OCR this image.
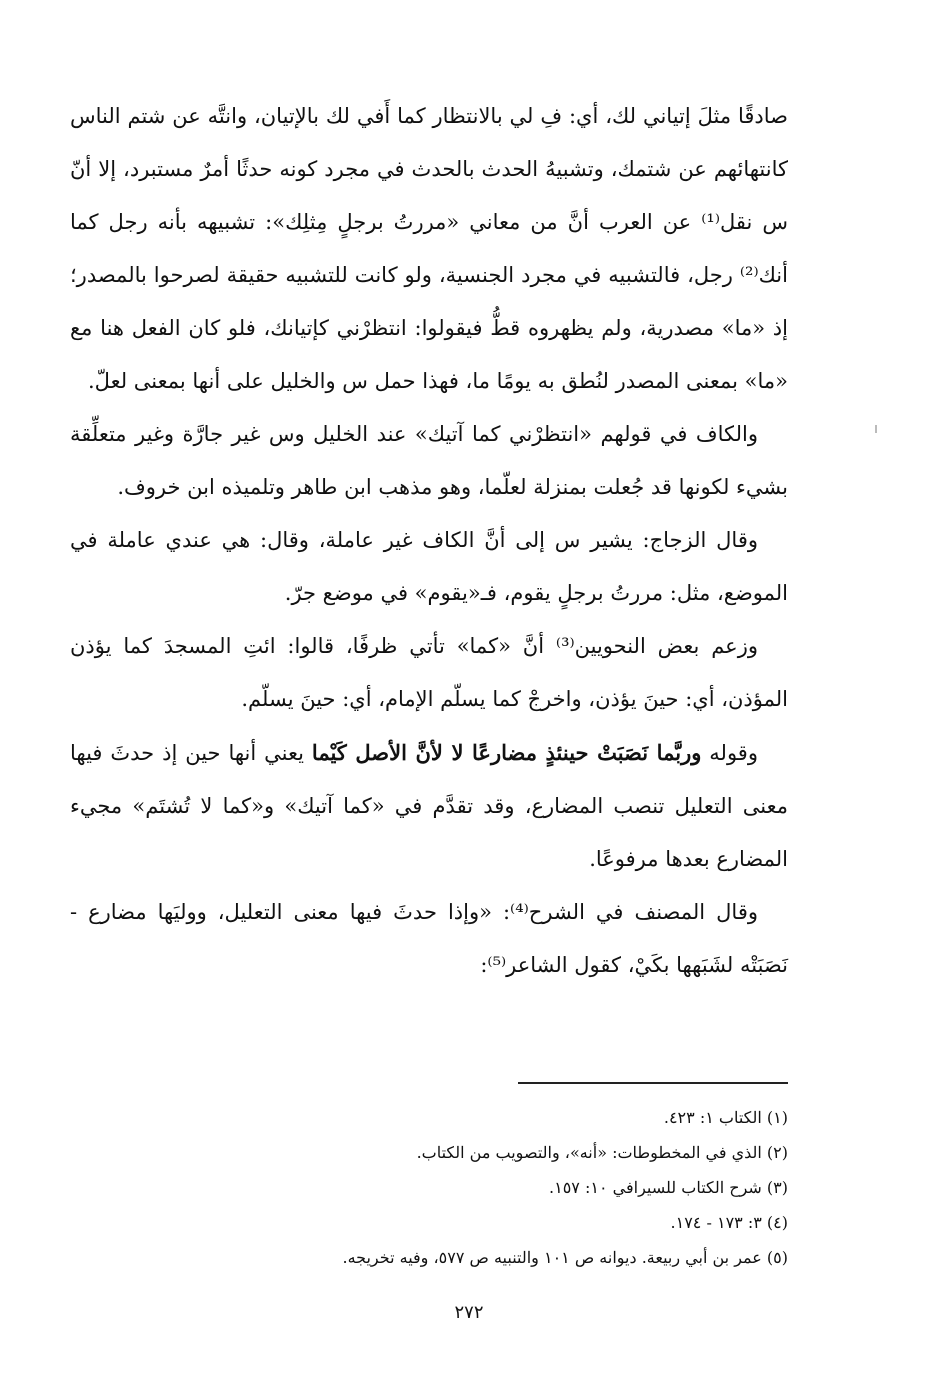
صادقًا مثلَ إتياني لك، أي: فِ لي بالانتظار كما أَفي لك بالإتيان، وانتَّه عن شتم الناس كانتهائهم عن شتمك، وتشبيهُ الحدث بالحدث في مجرد كونه حدثًا أمرٌ مستبرد، إلا أنّ س نقل⁽¹⁾ عن العرب أنَّ من معاني «مررتُ برجلٍ مِثلِك»: تشبيهه بأنه رجل كما أنك⁽²⁾ رجل، فالتشبيه في مجرد الجنسية، ولو كانت للتشبيه حقيقة لصرحوا بالمصدر؛ إذ «ما» مصدرية، ولم يظهروه قطُّ فيقولوا: انتظرْني كإتيانك، فلو كان الفعل هنا مع «ما» بمعنى المصدر لنُطق به يومًا ما، فهذا حمل س والخليل على أنها بمعنى لعلّ.

والكاف في قولهم «انتظرْني كما آتيك» عند الخليل وس غير جارَّة وغير متعلِّقة بشيء لكونها قد جُعلت بمنزلة لعلّما، وهو مذهب ابن طاهر وتلميذه ابن خروف.

وقال الزجاج: يشير س إلى أنَّ الكاف غير عاملة، وقال: هي عندي عاملة في الموضع، مثل: مررتُ برجلٍ يقوم، فـ«يقوم» في موضع جرّ.

وزعم بعض النحويين⁽³⁾ أنَّ «كما» تأتي ظرفًا، قالوا: ائتِ المسجدَ كما يؤذن المؤذن، أي: حينَ يؤذن، واخرجْ كما يسلّم الإمام، أي: حينَ يسلّم.

وقوله وربَّما نَصَبَتْ حينئذٍ مضارعًا لا لأنَّ الأصل كَيْما يعني أنها حين إذ حدثَ فيها معنى التعليل تنصب المضارع، وقد تقدَّم في «كما آتيك» و«كما لا تُشتَم» مجيء المضارع بعدها مرفوعًا.

وقال المصنف في الشرح⁽⁴⁾: «وإذا حدثَ فيها معنى التعليل، ووليَها مضارع - نَصَبَتْه لشَبَهها بكَيْ، كقول الشاعر⁽⁵⁾:

(١) الكتاب ١: ٤٢٣.

(٢) الذي في المخطوطات: «أنه»، والتصويب من الكتاب.

(٣) شرح الكتاب للسيرافي ١٠: ١٥٧.

(٤) ٣: ١٧٣ - ١٧٤.

(٥) عمر بن أبي ربيعة. ديوانه ص ١٠١ والتنبيه ص ٥٧٧، وفيه تخريجه.

٢٧٢
